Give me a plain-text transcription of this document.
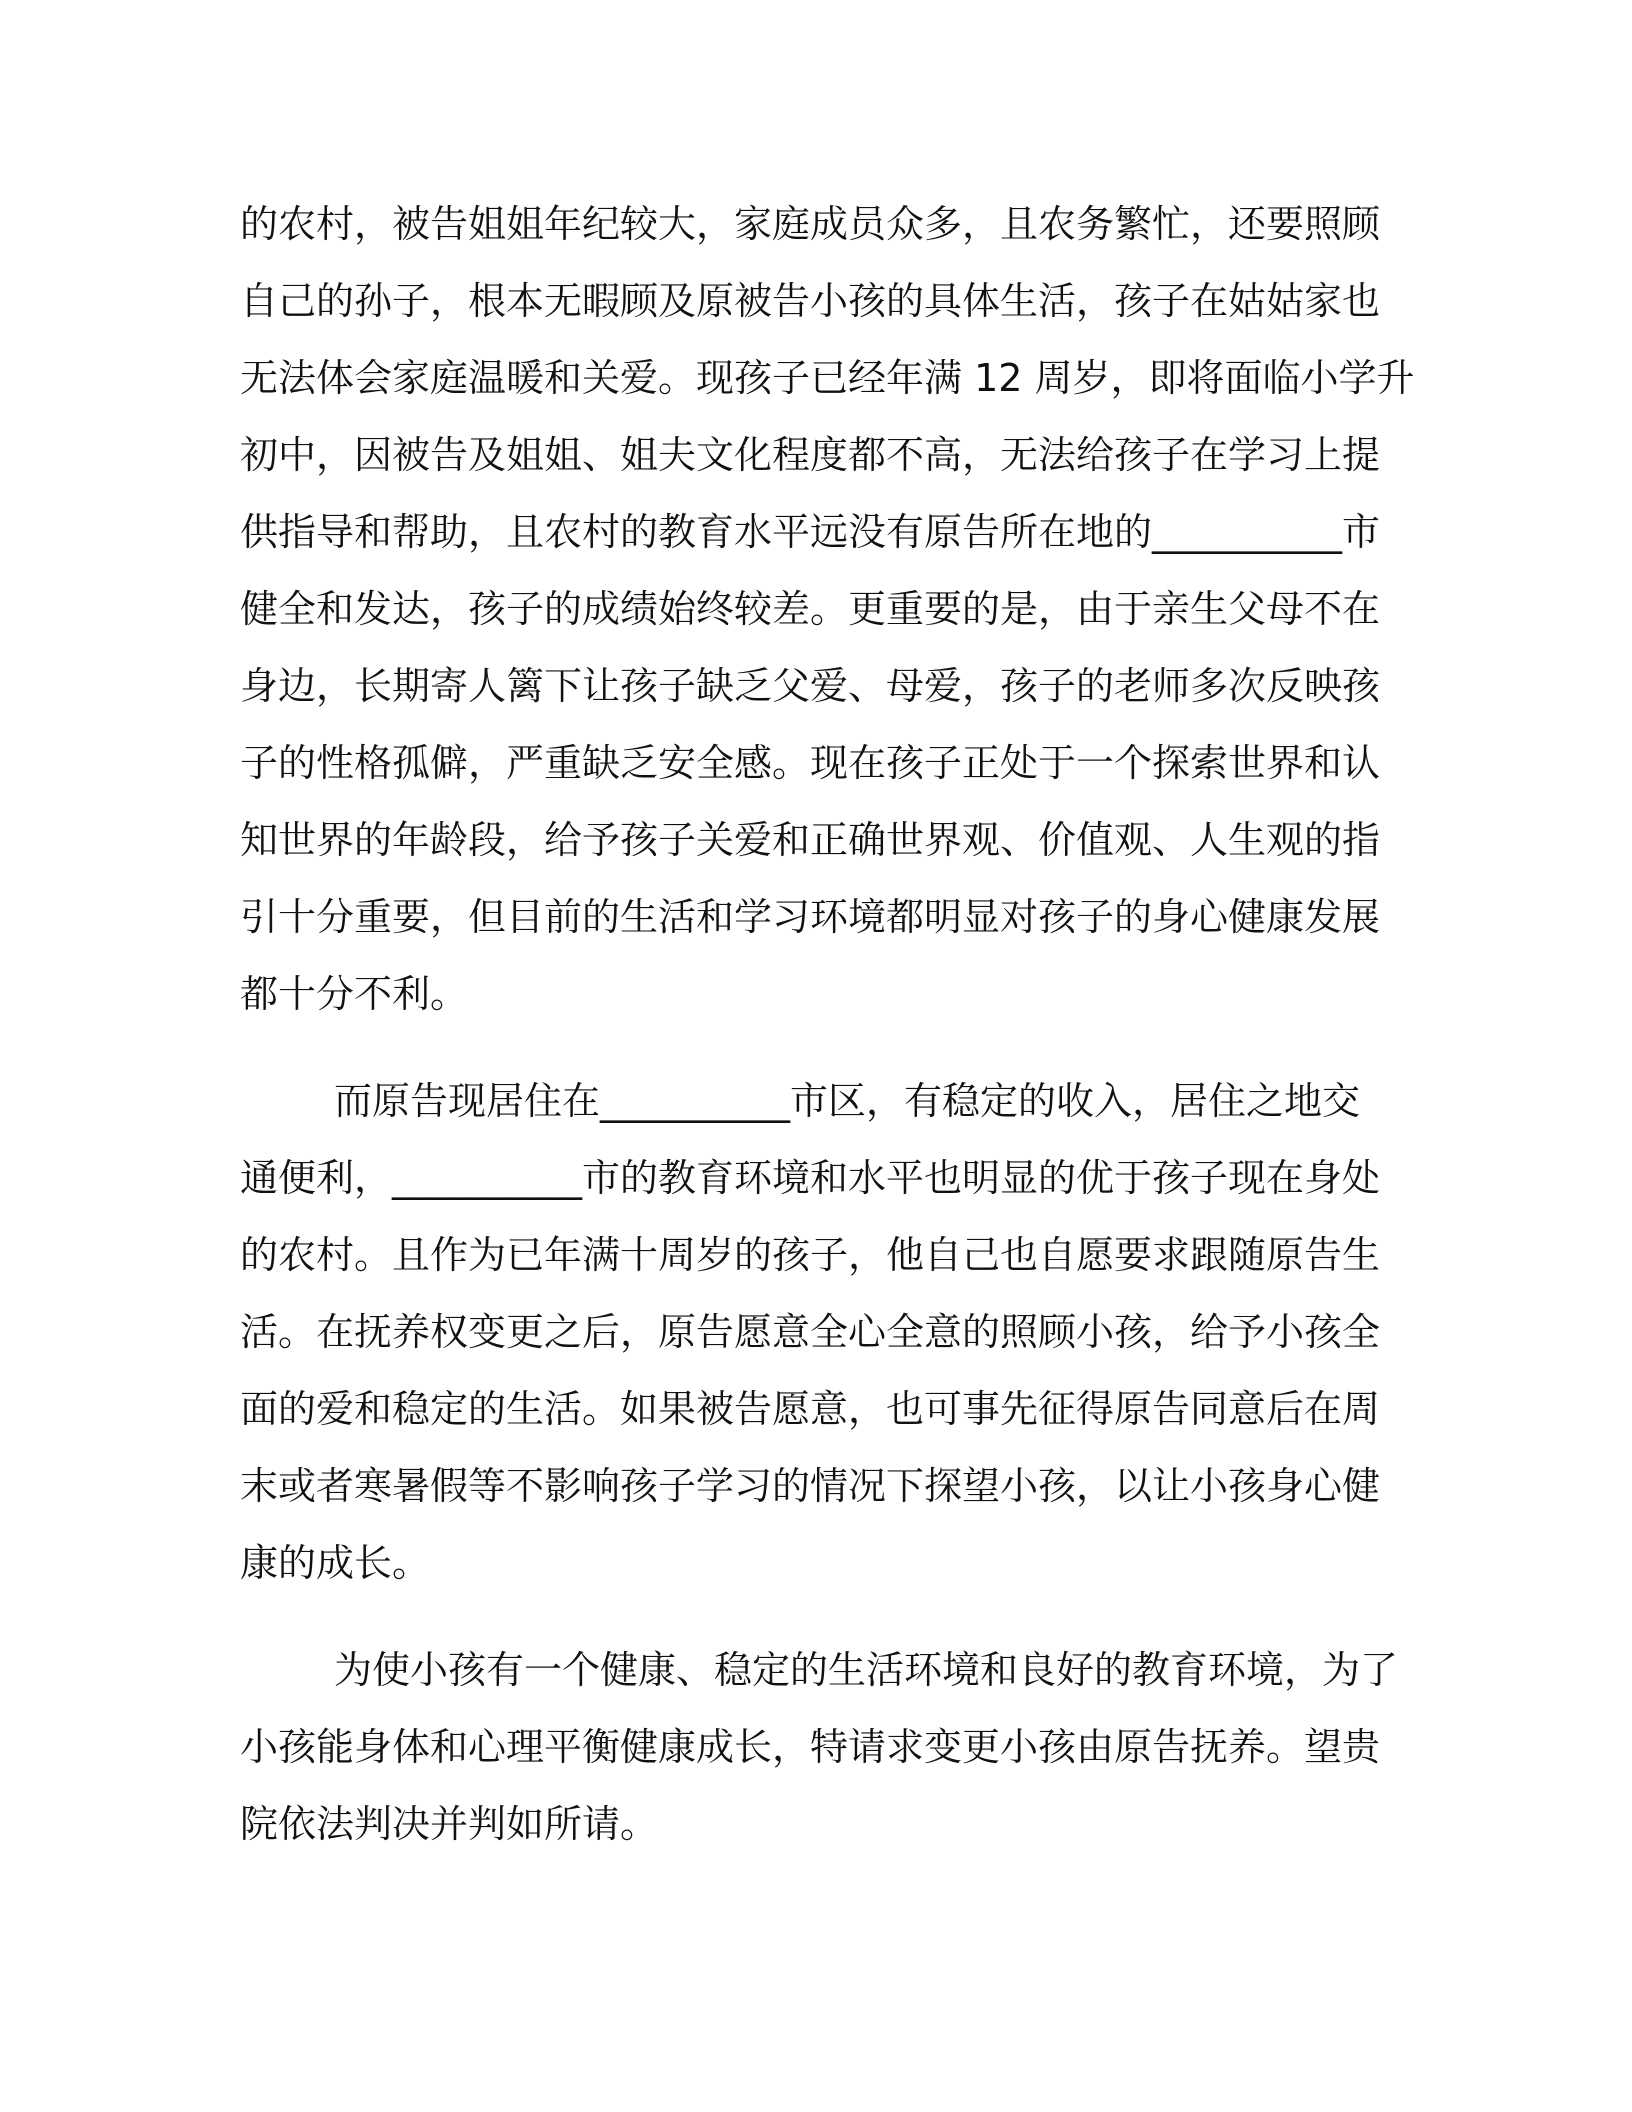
的农村，被告姐姐年纪较大，家庭成员众多，且农务繁忙，还要照顾
自己的孙子，根本无暇顾及原被告小孩的具体生活，孩子在姑姑家也
无法体会家庭温暖和关爱。现孩子已经年满 12 周岁，即将面临小学升
初中，因被告及姐姐、姐夫文化程度都不高，无法给孩子在学习上提
供指导和帮助，且农村的教育水平远没有原告所在地的__________市
健全和发达，孩子的成绩始终较差。更重要的是，由于亲生父母不在
身边，长期寄人篱下让孩子缺乏父爱、母爱，孩子的老师多次反映孩
子的性格孤僻，严重缺乏安全感。现在孩子正处于一个探索世界和认
知世界的年龄段，给予孩子关爱和正确世界观、价值观、人生观的指
引十分重要，但目前的生活和学习环境都明显对孩子的身心健康发展
都十分不利。
而原告现居住在__________市区，有稳定的收入，居住之地交
通便利，__________市的教育环境和水平也明显的优于孩子现在身处
的农村。且作为已年满十周岁的孩子，他自己也自愿要求跟随原告生
活。在抚养权变更之后，原告愿意全心全意的照顾小孩，给予小孩全
面的爱和稳定的生活。如果被告愿意，也可事先征得原告同意后在周
末或者寒暑假等不影响孩子学习的情况下探望小孩，以让小孩身心健
康的成长。
为使小孩有一个健康、稳定的生活环境和良好的教育环境，为了
小孩能身体和心理平衡健康成长，特请求变更小孩由原告抚养。望贵
院依法判决并判如所请。
